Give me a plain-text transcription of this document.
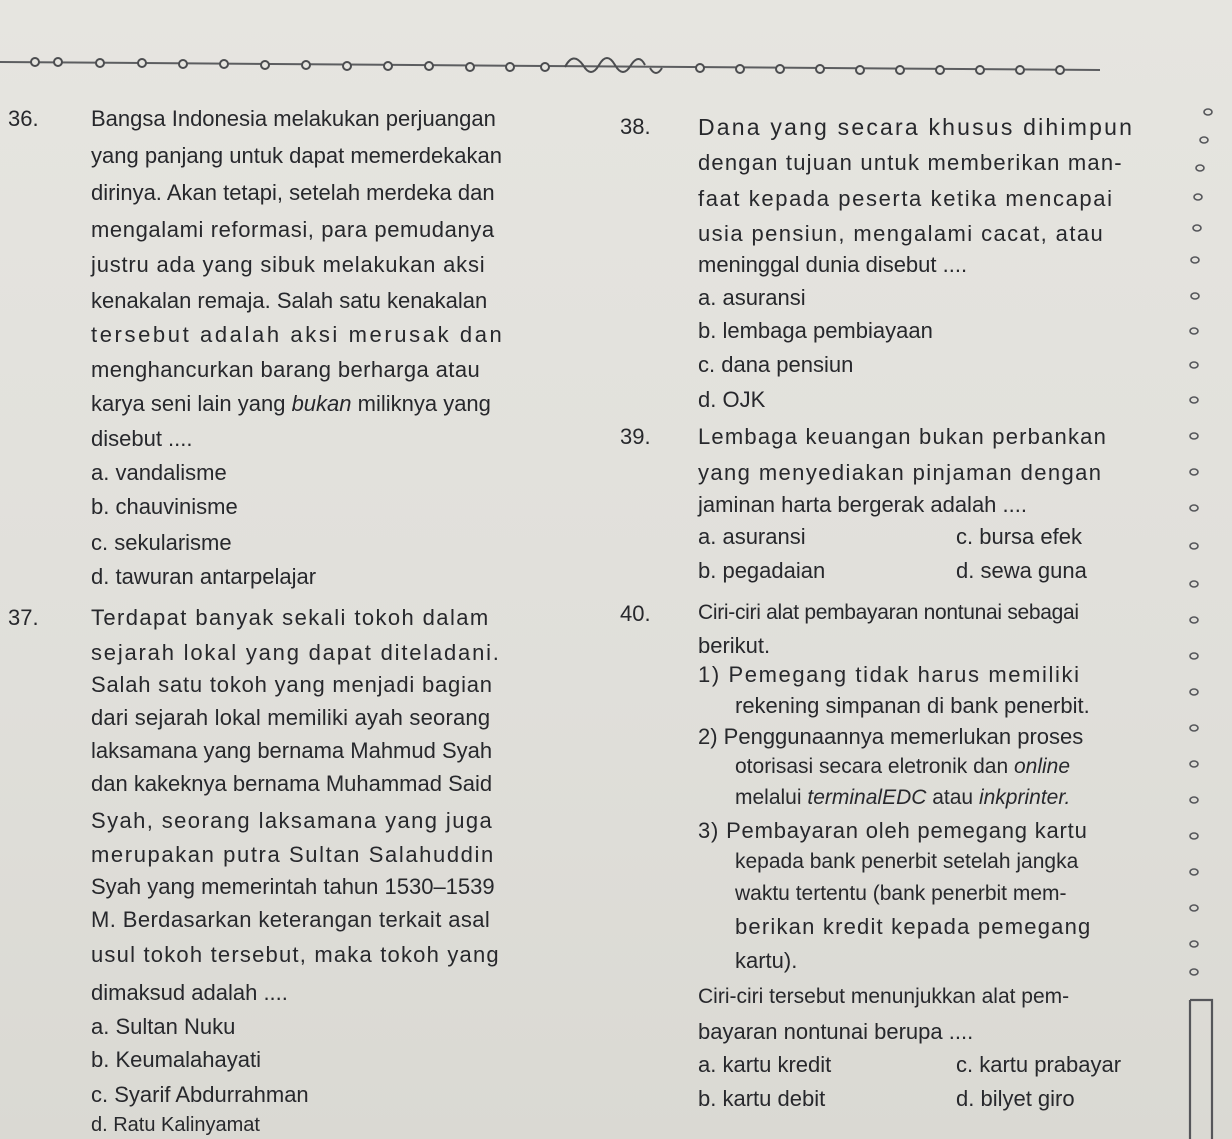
36. Bangsa Indonesia melakukan perjuangan
yang panjang untuk dapat memerdekakan
dirinya. Akan tetapi, setelah merdeka dan
mengalami reformasi, para pemudanya
justru ada yang sibuk melakukan aksi
kenakalan remaja. Salah satu kenakalan
tersebut adalah aksi merusak dan
menghancurkan barang berharga atau
karya seni lain yang bukan miliknya yang
disebut ....
a. vandalisme
b. chauvinisme
c. sekularisme
d. tawuran antarpelajar
37. Terdapat banyak sekali tokoh dalam
sejarah lokal yang dapat diteladani.
Salah satu tokoh yang menjadi bagian
dari sejarah lokal memiliki ayah seorang
laksamana yang bernama Mahmud Syah
dan kakeknya bernama Muhammad Said
Syah, seorang laksamana yang juga
merupakan putra Sultan Salahuddin
Syah yang memerintah tahun 1530–1539
M. Berdasarkan keterangan terkait asal
usul tokoh tersebut, maka tokoh yang
dimaksud adalah ....
a. Sultan Nuku
b. Keumalahayati
c. Syarif Abdurrahman
d. Ratu Kalinyamat
38. Dana yang secara khusus dihimpun
dengan tujuan untuk memberikan man-
faat kepada peserta ketika mencapai
usia pensiun, mengalami cacat, atau
meninggal dunia disebut ....
a. asuransi
b. lembaga pembiayaan
c. dana pensiun
d. OJK
39. Lembaga keuangan bukan perbankan
yang menyediakan pinjaman dengan
jaminan harta bergerak adalah ....
a. asuransi	c. bursa efek
b. pegadaian	d. sewa guna
40. Ciri-ciri alat pembayaran nontunai sebagai
berikut.
1) Pemegang tidak harus memiliki
rekening simpanan di bank penerbit.
2) Penggunaannya memerlukan proses
otorisasi secara eletronik dan online
melalui terminalEDC atau inkprinter.
3) Pembayaran oleh pemegang kartu
kepada bank penerbit setelah jangka
waktu tertentu (bank penerbit mem-
berikan kredit kepada pemegang
kartu).
Ciri-ciri tersebut menunjukkan alat pem-
bayaran nontunai berupa ....
a. kartu kredit	c. kartu prabayar
b. kartu debit	d. bilyet giro
